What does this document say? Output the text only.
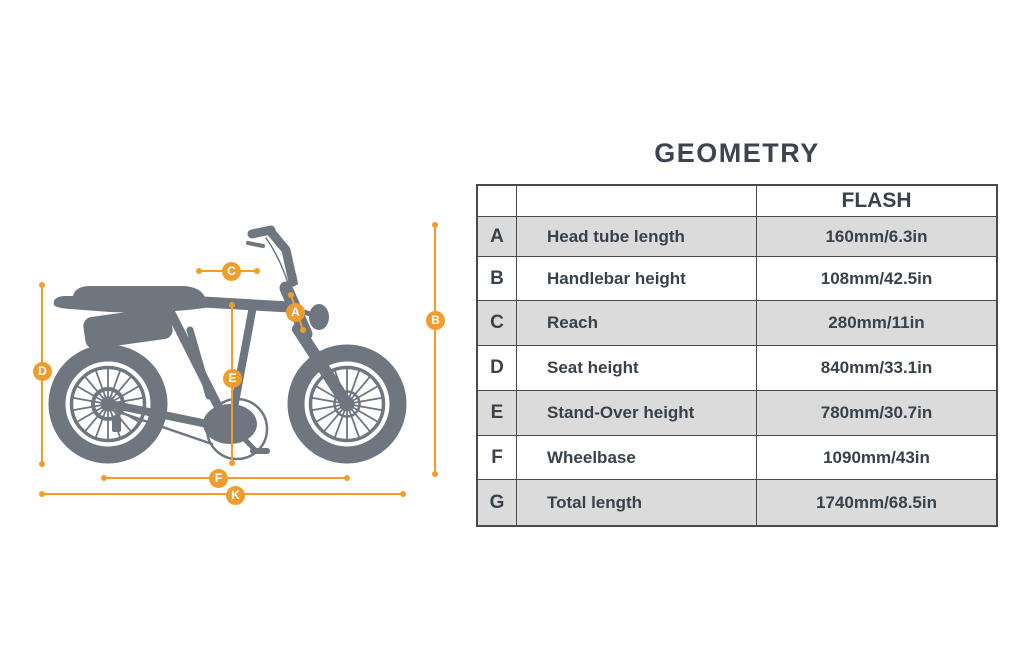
A
B
C
D	E
F
K
GEOMETRY
FLASH
A	Head tube length	160mm/6.3in
B	Handlebar height	108mm/42.5in
C	Reach	280mm/11in
D	Seat height	840mm/33.1in
E	Stand-Over height	780mm/30.7in
F	Wheelbase	1090mm/43in
G	Total length	1740mm/68.5in
